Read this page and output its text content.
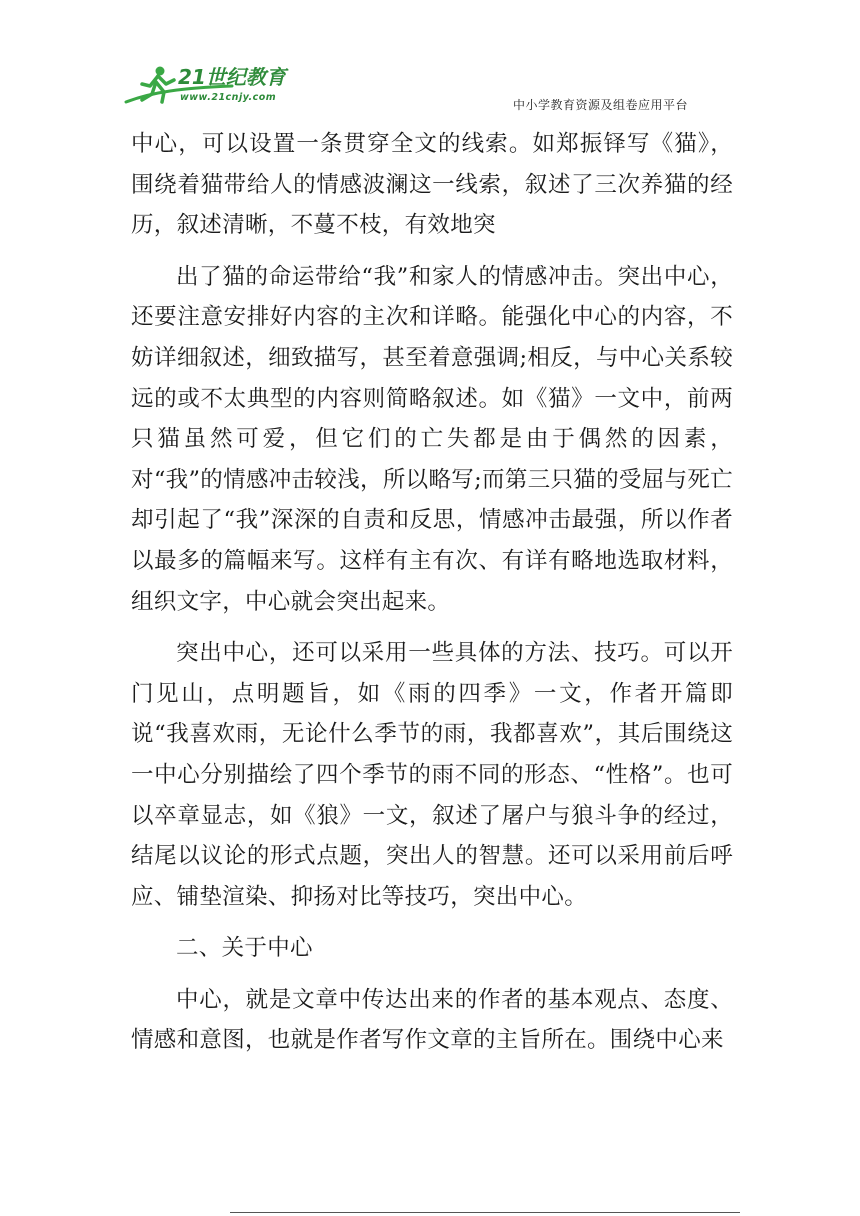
21世纪教育
www.21cnjy.com
中小学教育资源及组卷应用平台

中心，可以设置一条贯穿全文的线索。如郑振铎写《猫》，围绕着猫带给人的情感波澜这一线索，叙述了三次养猫的经历，叙述清晰，不蔓不枝，有效地突

出了猫的命运带给“我”和家人的情感冲击。突出中心，还要注意安排好内容的主次和详略。能强化中心的内容，不妨详细叙述，细致描写，甚至着意强调;相反，与中心关系较远的或不太典型的内容则简略叙述。如《猫》一文中，前两只猫虽然可爱，但它们的亡失都是由于偶然的因素，对“我”的情感冲击较浅，所以略写;而第三只猫的受屈与死亡却引起了“我”深深的自责和反思，情感冲击最强，所以作者以最多的篇幅来写。这样有主有次、有详有略地选取材料，组织文字，中心就会突出起来。

突出中心，还可以采用一些具体的方法、技巧。可以开门见山，点明题旨，如《雨的四季》一文，作者开篇即说“我喜欢雨，无论什么季节的雨，我都喜欢”，其后围绕这一中心分别描绘了四个季节的雨不同的形态、“性格”。也可以卒章显志，如《狼》一文，叙述了屠户与狼斗争的经过，结尾以议论的形式点题，突出人的智慧。还可以采用前后呼应、铺垫渲染、抑扬对比等技巧，突出中心。

二、关于中心

中心，就是文章中传达出来的作者的基本观点、态度、情感和意图，也就是作者写作文章的主旨所在。围绕中心来
